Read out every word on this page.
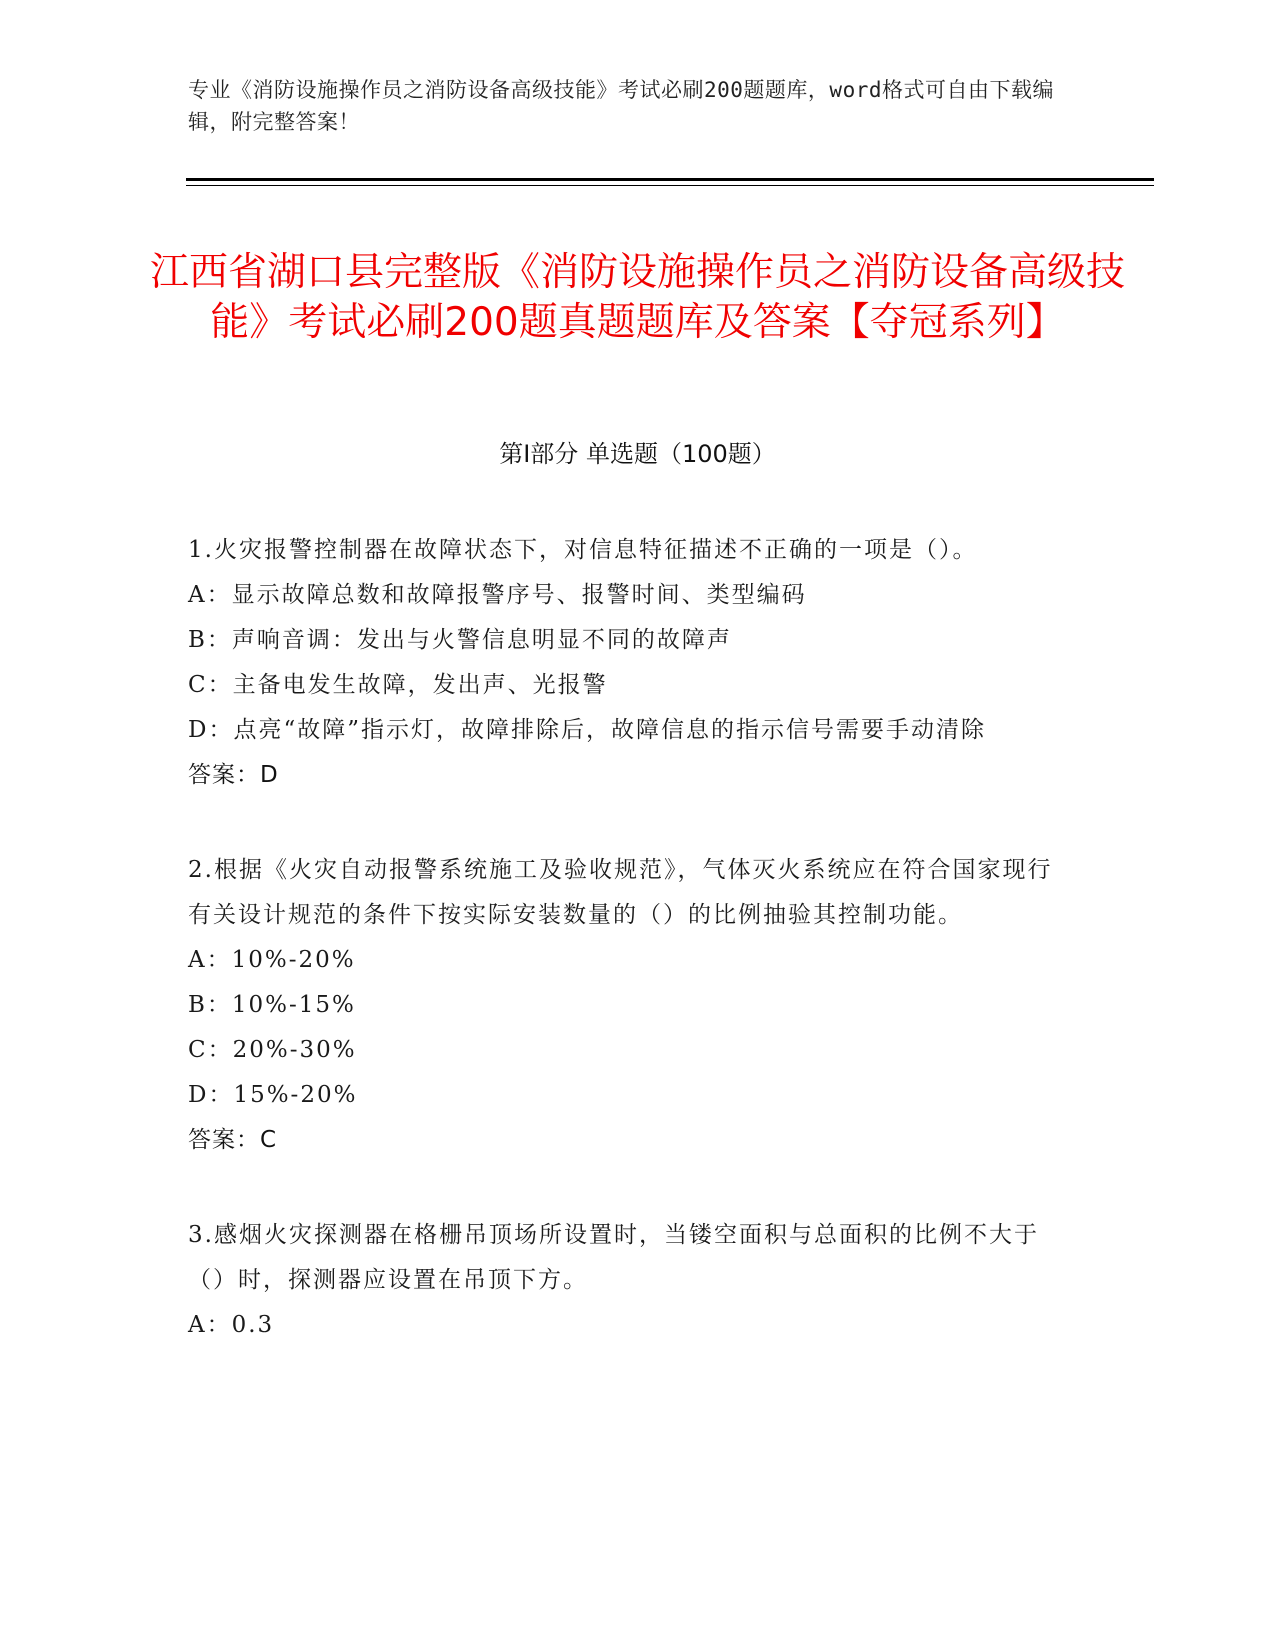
专业《消防设施操作员之消防设备高级技能》考试必刷200题题库，word格式可自由下载编辑，附完整答案！
江西省湖口县完整版《消防设施操作员之消防设备高级技能》考试必刷200题真题题库及答案【夺冠系列】
第Ⅰ部分 单选题（100题）
1.火灾报警控制器在故障状态下，对信息特征描述不正确的一项是（）。
A：显示故障总数和故障报警序号、报警时间、类型编码
B：声响音调：发出与火警信息明显不同的故障声
C：主备电发生故障，发出声、光报警
D：点亮“故障”指示灯，故障排除后，故障信息的指示信号需要手动清除
答案：D
2.根据《火灾自动报警系统施工及验收规范》，气体灭火系统应在符合国家现行有关设计规范的条件下按实际安装数量的（）的比例抽验其控制功能。
A：10%-20%
B：10%-15%
C：20%-30%
D：15%-20%
答案：C
3.感烟火灾探测器在格栅吊顶场所设置时，当镂空面积与总面积的比例不大于（）时，探测器应设置在吊顶下方。
A：0.3
